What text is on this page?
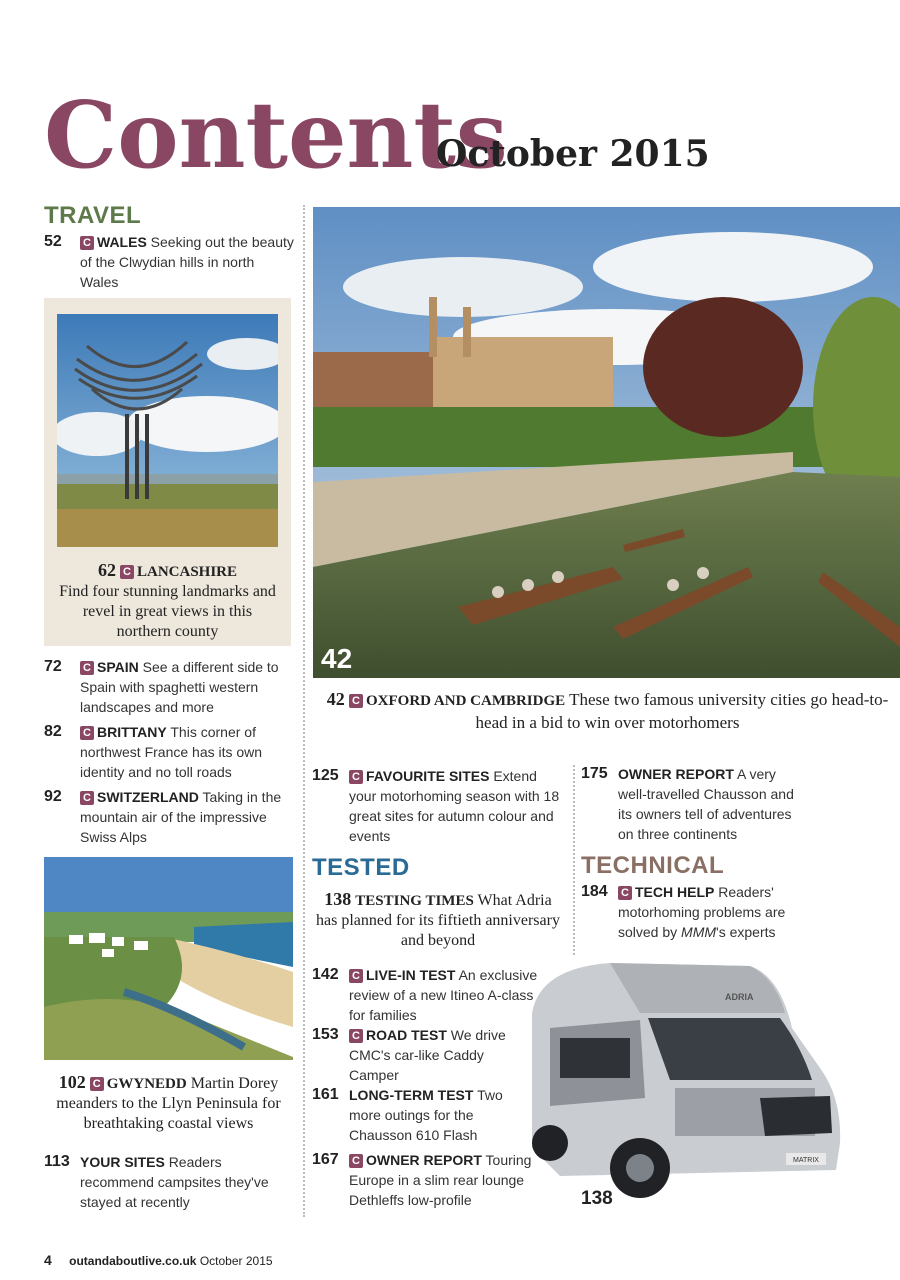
Contents
October 2015
TRAVEL
TESTED	TECHNICAL
52 C WALES Seeking out the beauty of the Clwydian hills in north Wales
62 C LANCASHIRE
Find four stunning landmarks and revel in great views in this northern county
72 C SPAIN See a different side to Spain with spaghetti western landscapes and more
82 C BRITTANY This corner of northwest France has its own identity and no toll roads
92 C SWITZERLAND Taking in the mountain air of the impressive Swiss Alps
102 C GWYNEDD Martin Dorey meanders to the Llyn Peninsula for breathtaking coastal views
113 YOUR SITES Readers recommend campsites they've stayed at recently
42
42 C OXFORD AND CAMBRIDGE These two famous university cities go head-to-head in a bid to win over motorhomers
125 C FAVOURITE SITES Extend your motorhoming season with 18 great sites for autumn colour and events
138 TESTING TIMES What Adria has planned for its fiftieth anniversary and beyond
142 C LIVE-IN TEST An exclusive review of a new Itineo A-class for families
153 C ROAD TEST We drive CMC's car-like Caddy Camper
161 LONG-TERM TEST Two more outings for the Chausson 610 Flash
167 C OWNER REPORT Touring Europe in a slim rear lounge Dethleffs low-profile
175 OWNER REPORT A very well-travelled Chausson and its owners tell of adventures on three continents
184 C TECH HELP Readers' motorhoming problems are solved by MMM's experts
MATRIX
ADRIA
138
4 outandaboutlive.co.uk October 2015
